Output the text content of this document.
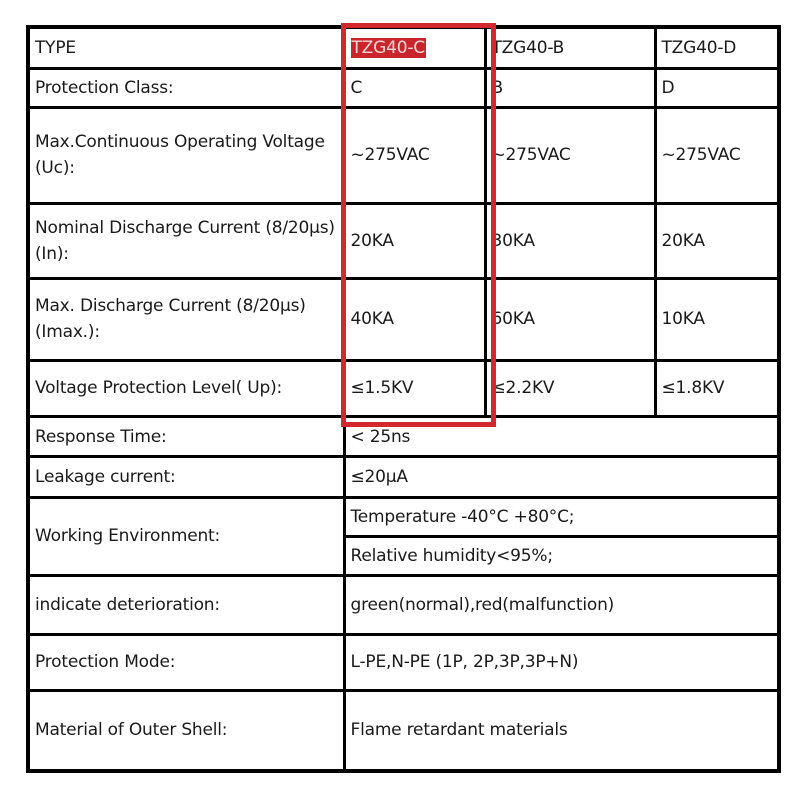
TYPE	TZG40-C	TZG40-B	TZG40-D
Protection Class:	C	B	D
Max.Continuous Operating Voltage (Uc):	~275VAC	~275VAC	~275VAC
Nominal Discharge Current (8/20µs) (In):	20KA	30KA	20KA
Max. Discharge Current (8/20µs) (Imax.):	40KA	60KA	10KA
Voltage Protection Level( Up):	≤1.5KV	≤2.2KV	≤1.8KV
Response Time:	< 25ns		
Leakage current:	≤20µA		
Working Environment:	Temperature -40°C +80°C;		
	Relative humidity<95%;		
indicate deterioration:	green(normal),red(malfunction)		
Protection Mode:	L-PE,N-PE (1P, 2P,3P,3P+N)		
Material of Outer Shell:	Flame retardant materials		
